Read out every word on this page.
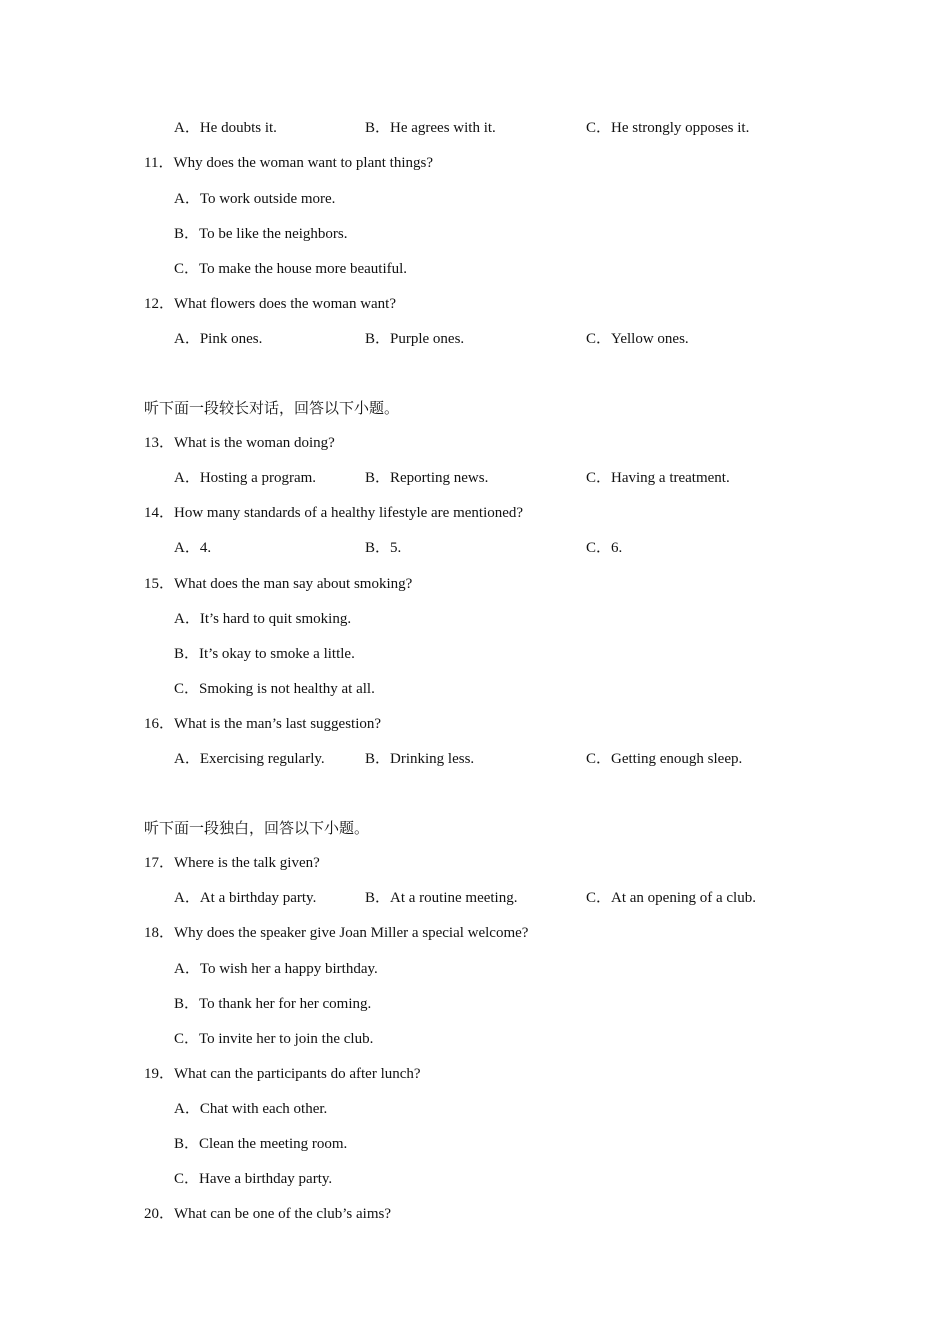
A．He doubts it.	B．He agrees with it.	C．He strongly opposes it.
11．Why does the woman want to plant things?
A．To work outside more.
B．To be like the neighbors.
C．To make the house more beautiful.
12．What flowers does the woman want?
A．Pink ones.	B．Purple ones.	C．Yellow ones.
听下面一段较长对话，回答以下小题。
13．What is the woman doing?
A．Hosting a program.	B．Reporting news.	C．Having a treatment.
14．How many standards of a healthy lifestyle are mentioned?
A．4.	B．5.	C．6.
15．What does the man say about smoking?
A．It’s hard to quit smoking.
B．It’s okay to smoke a little.
C．Smoking is not healthy at all.
16．What is the man’s last suggestion?
A．Exercising regularly.	B．Drinking less.	C．Getting enough sleep.
听下面一段独白，回答以下小题。
17．Where is the talk given?
A．At a birthday party.	B．At a routine meeting.	C．At an opening of a club.
18．Why does the speaker give Joan Miller a special welcome?
A．To wish her a happy birthday.
B．To thank her for her coming.
C．To invite her to join the club.
19．What can the participants do after lunch?
A．Chat with each other.
B．Clean the meeting room.
C．Have a birthday party.
20．What can be one of the club’s aims?
